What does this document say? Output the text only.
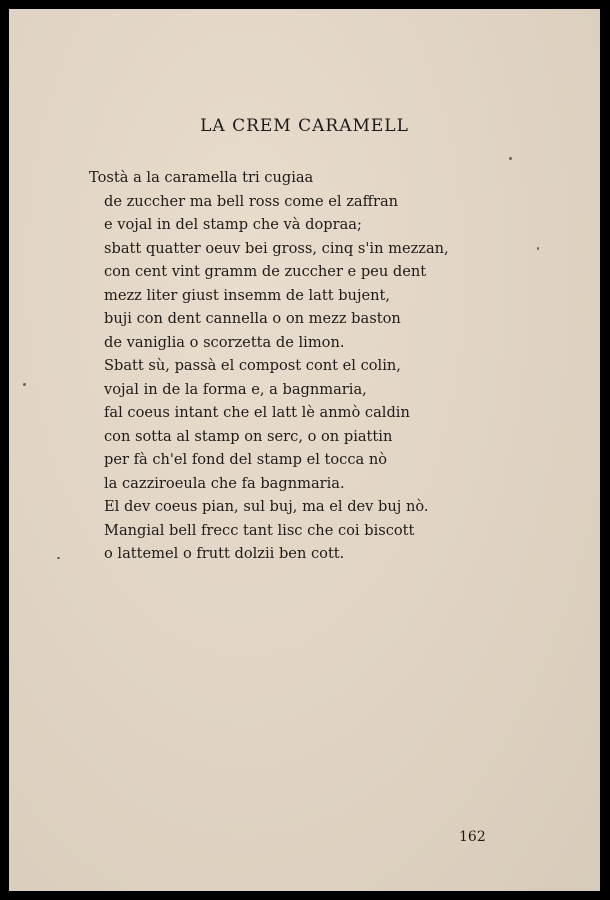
LA CREM CARAMELL
Tostà a la caramella tri cugiaa
de zuccher ma bell ross come el zaffran
e vojal in del stamp che và dopraa;
sbatt quatter oeuv bei gross, cinq s'in mezzan,
con cent vint gramm de zuccher e peu dent
mezz liter giust insemm de latt bujent,
buji con dent cannella o on mezz baston
de vaniglia o scorzetta de limon.
Sbatt sù, passà el compost cont el colin,
vojal in de la forma e, a bagnmaria,
fal coeus intant che el latt lè anmò caldin
con sotta al stamp on serc, o on piattin
per fà ch'el fond del stamp el tocca nò
la cazziroeula che fa bagnmaria.
El dev coeus pian, sul buj, ma el dev buj nò.
Mangial bell frecc tant lisc che coi biscott
o lattemel o frutt dolzii ben cott.
162
